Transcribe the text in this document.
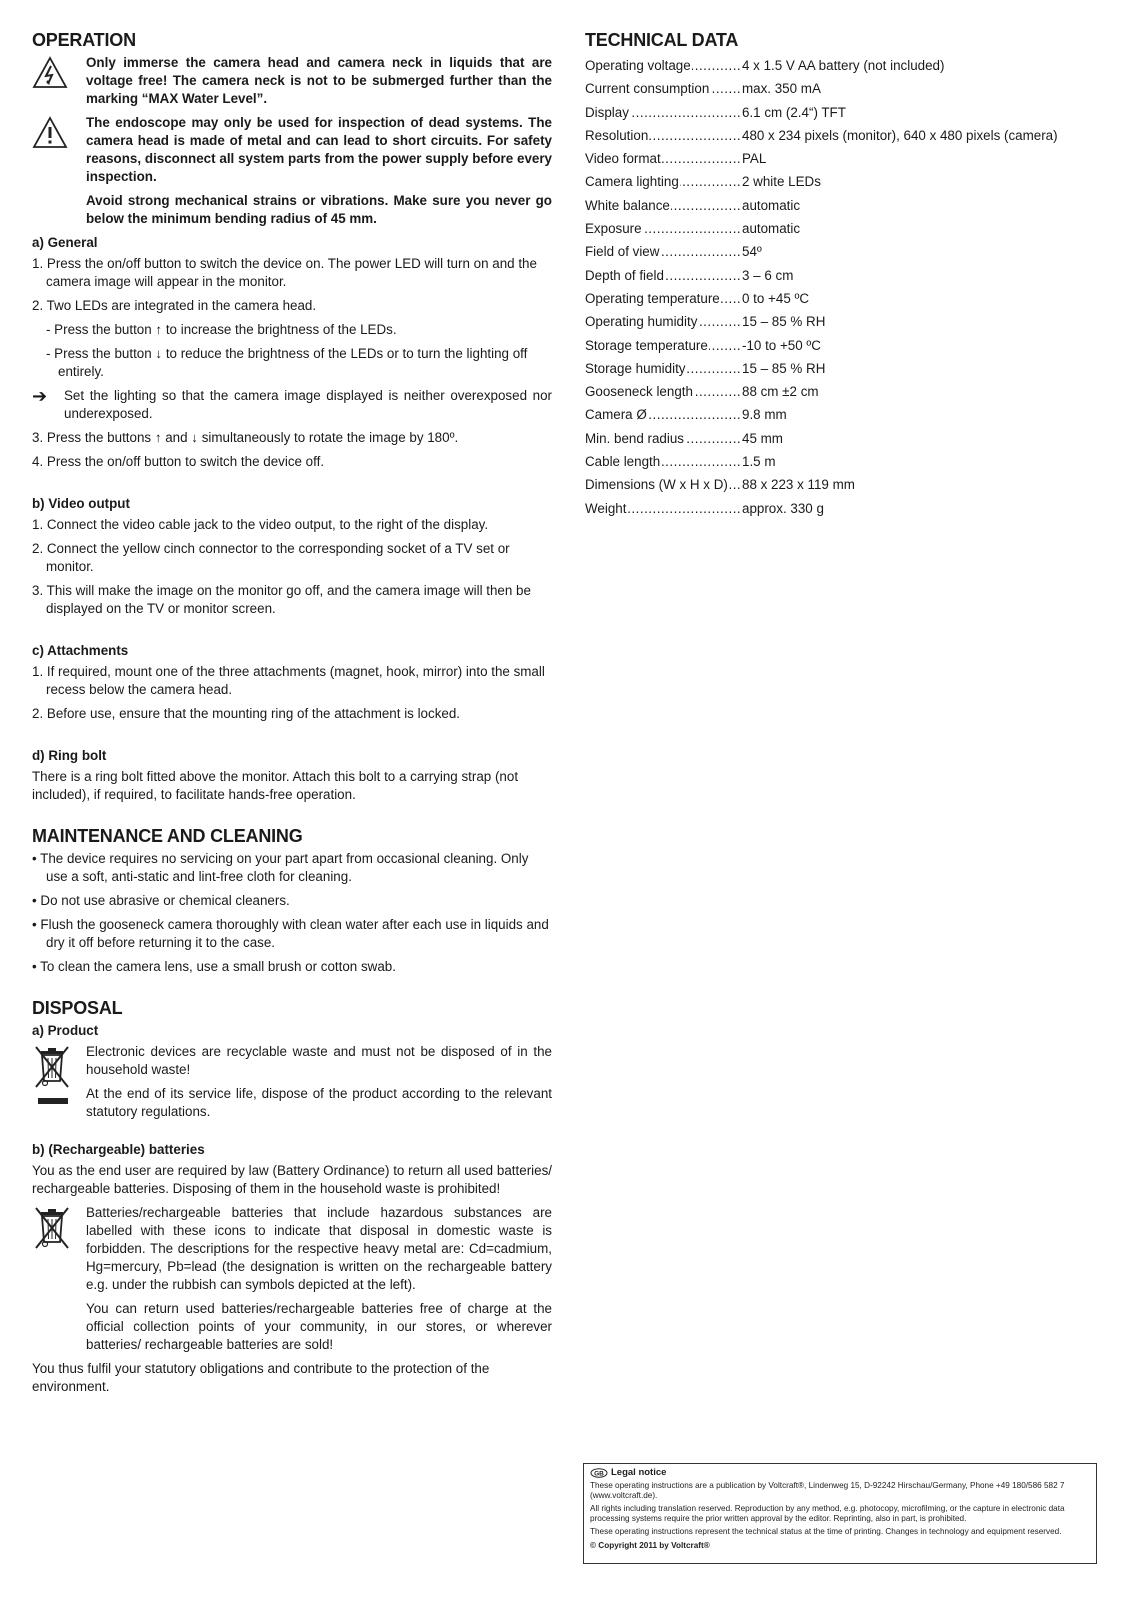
OPERATION

Only immerse the camera head and camera neck in liquids that are voltage free! The camera neck is not to be submerged further than the marking “MAX Water Level”.

The endoscope may only be used for inspection of dead systems. The camera head is made of metal and can lead to short circuits. For safety reasons, disconnect all system parts from the power supply before every inspection.

Avoid strong mechanical strains or vibrations. Make sure you never go below the minimum bending radius of 45 mm.

a) General
1. Press the on/off button to switch the device on. The power LED will turn on and the camera image will appear in the monitor.
2. Two LEDs are integrated in the camera head.
- Press the button ↑ to increase the brightness of the LEDs.
- Press the button ↓ to reduce the brightness of the LEDs or to turn the lighting off entirely.
➔	Set the lighting so that the camera image displayed is neither overexposed nor underexposed.
3. Press the buttons ↑ and ↓ simultaneously to rotate the image by 180º.
4. Press the on/off button to switch the device off.
b) Video output
1. Connect the video cable jack to the video output, to the right of the display.
2. Connect the yellow cinch connector to the corresponding socket of a TV set or monitor.
3. This will make the image on the monitor go off, and the camera image will then be displayed on the TV or monitor screen.
c) Attachments
1. If required, mount one of the three attachments (magnet, hook, mirror) into the small recess below the camera head.
2. Before use, ensure that the mounting ring of the attachment is locked.
d) Ring bolt

There is a ring bolt fitted above the monitor. Attach this bolt to a carrying strap (not included), if required, to facilitate hands-free operation.

MAINTENANCE AND CLEANING
• The device requires no servicing on your part apart from occasional cleaning. Only use a soft, anti-static and lint-free cloth for cleaning.
• Do not use abrasive or chemical cleaners.
• Flush the gooseneck camera thoroughly with clean water after each use in liquids and dry it off before returning it to the case.
• To clean the camera lens, use a small brush or cotton swab.
DISPOSAL
a) Product

Electronic devices are recyclable waste and must not be disposed of in the household waste!

At the end of its service life, dispose of the product according to the relevant statutory regulations.

b) (Rechargeable) batteries

You as the end user are required by law (Battery Ordinance) to return all used batteries/ rechargeable batteries. Disposing of them in the household waste is prohibited!

Batteries/rechargeable batteries that include hazardous substances are labelled with these icons to indicate that disposal in domestic waste is forbidden. The descriptions for the respective heavy metal are: Cd=cadmium, Hg=mercury, Pb=lead (the designation is written on the rechargeable battery e.g. under the rubbish can symbols depicted at the left).

You can return used batteries/rechargeable batteries free of charge at the official collection points of your community, in our stores, or wherever batteries/ rechargeable batteries are sold!

You thus fulfil your statutory obligations and contribute to the protection of the environment.

TECHNICAL DATA
Operating voltage .....	4 x 1.5 V AA battery (not included)
Current consumption .....	max. 350 mA
Display .....	6.1 cm (2.4“) TFT
Resolution .....	480 x 234 pixels (monitor), 640 x 480 pixels (camera)
Video format .....	PAL
Camera lighting .....	2 white LEDs
White balance .....	automatic
Exposure .....	automatic
Field of view .....	54º
Depth of field .....	3 – 6 cm
Operating temperature .....	0 to +45 ºC
Operating humidity .....	15 – 85 % RH
Storage temperature .....	-10 to +50 ºC
Storage humidity .....	15 – 85 % RH
Gooseneck length .....	88 cm ±2 cm
Camera Ø .....	9.8 mm
Min. bend radius .....	45 mm
Cable length .....	1.5 m
Dimensions (W x H x D) .....	88 x 223 x 119 mm
Weight .....	approx. 330 g
GB Legal notice

These operating instructions are a publication by Voltcraft®, Lindenweg 15, D-92242 Hirschau/Germany, Phone +49 180/586 582 7 (www.voltcraft.de).

All rights including translation reserved. Reproduction by any method, e.g. photocopy, microfilming, or the capture in electronic data processing systems require the prior written approval by the editor. Reprinting, also in part, is prohibited.

These operating instructions represent the technical status at the time of printing. Changes in technology and equipment reserved.

© Copyright 2011 by Voltcraft®
